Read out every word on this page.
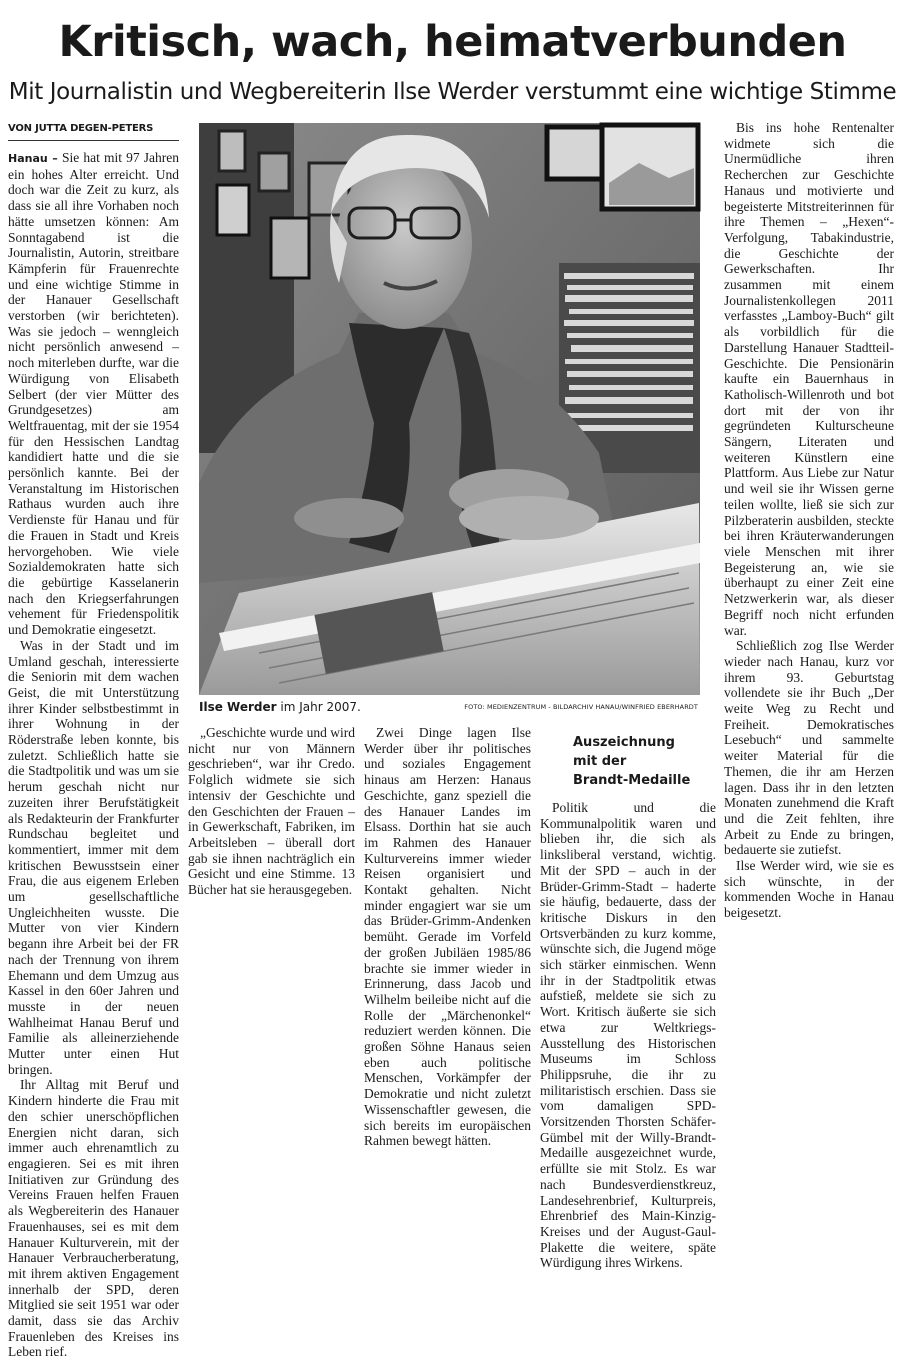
Kritisch, wach, heimatverbunden
Mit Journalistin und Wegbereiterin Ilse Werder verstummt eine wichtige Stimme
VON JUTTA DEGEN-PETERS
Ilse Werder im Jahr 2007.	FOTO: MEDIENZENTRUM - BILDARCHIV HANAU/WINFRIED EBERHARDT

Hanau – Sie hat mit 97 Jahren ein hohes Alter erreicht. Und doch war die Zeit zu kurz, als dass sie all ihre Vorhaben noch hätte umsetzen können: Am Sonntagabend ist die Journalistin, Autorin, streitbare Kämpferin für Frauenrechte und eine wichtige Stimme in der Hanauer Gesellschaft verstorben (wir berichteten). Was sie jedoch – wenngleich nicht persönlich anwesend – noch miterleben durfte, war die Würdigung von Elisabeth Selbert (der vier Mütter des Grundgesetzes) am Weltfrauentag, mit der sie 1954 für den Hessischen Landtag kandidiert hatte und die sie persönlich kannte. Bei der Veranstaltung im Historischen Rathaus wurden auch ihre Verdienste für Hanau und für die Frauen in Stadt und Kreis hervorgehoben. Wie viele Sozialdemokraten hatte sich die gebürtige Kasselanerin nach den Kriegserfahrungen vehement für Friedenspolitik und Demokratie eingesetzt.

Was in der Stadt und im Umland geschah, interessierte die Seniorin mit dem wachen Geist, die mit Unterstützung ihrer Kinder selbstbestimmt in ihrer Wohnung in der Röderstraße leben konnte, bis zuletzt. Schließlich hatte sie die Stadtpolitik und was um sie herum geschah nicht nur zuzeiten ihrer Berufstätigkeit als Redakteurin der Frankfurter Rundschau begleitet und kommentiert, immer mit dem kritischen Bewusstsein einer Frau, die aus eigenem Erleben um gesellschaftliche Ungleichheiten wusste. Die Mutter von vier Kindern begann ihre Arbeit bei der FR nach der Trennung von ihrem Ehemann und dem Umzug aus Kassel in den 60er Jahren und musste in der neuen Wahlheimat Hanau Beruf und Familie als alleinerziehende Mutter unter einen Hut bringen.

Ihr Alltag mit Beruf und Kindern hinderte die Frau mit den schier unerschöpflichen Energien nicht daran, sich immer auch ehrenamtlich zu engagieren. Sei es mit ihren Initiativen zur Gründung des Vereins Frauen helfen Frauen als Wegbereiterin des Hanauer Frauenhauses, sei es mit dem Hanauer Kulturverein, mit der Hanauer Verbraucherberatung, mit ihrem aktiven Engagement innerhalb der SPD, deren Mitglied sie seit 1951 war oder damit, dass sie das Archiv Frauenleben des Kreises ins Leben rief.

„Geschichte wurde und wird nicht nur von Männern geschrieben“, war ihr Credo. Folglich widmete sie sich intensiv der Geschichte und den Geschichten der Frauen – in Gewerkschaft, Fabriken, im Arbeitsleben – überall dort gab sie ihnen nachträglich ein Gesicht und eine Stimme. 13 Bücher hat sie herausgegeben.

Zwei Dinge lagen Ilse Werder über ihr politisches und soziales Engagement hinaus am Herzen: Hanaus Geschichte, ganz speziell die des Hanauer Landes im Elsass. Dorthin hat sie auch im Rahmen des Hanauer Kulturvereins immer wieder Reisen organisiert und Kontakt gehalten. Nicht minder engagiert war sie um das Brüder-Grimm-Andenken bemüht. Gerade im Vorfeld der großen Jubiläen 1985/86 brachte sie immer wieder in Erinnerung, dass Jacob und Wilhelm beileibe nicht auf die Rolle der „Märchenonkel“ reduziert werden können. Die großen Söhne Hanaus seien eben auch politische Menschen, Vorkämpfer der Demokratie und nicht zuletzt Wissenschaftler gewesen, die sich bereits im europäischen Rahmen bewegt hätten.

Auszeichnung
mit der
Brandt-Medaille

Politik und die Kommunalpolitik waren und blieben ihr, die sich als linksliberal verstand, wichtig. Mit der SPD – auch in der Brüder-Grimm-Stadt – haderte sie häufig, bedauerte, dass der kritische Diskurs in den Ortsverbänden zu kurz komme, wünschte sich, die Jugend möge sich stärker einmischen. Wenn ihr in der Stadtpolitik etwas aufstieß, meldete sie sich zu Wort. Kritisch äußerte sie sich etwa zur Weltkriegs-Ausstellung des Historischen Museums im Schloss Philippsruhe, die ihr zu militaristisch erschien. Dass sie vom damaligen SPD-Vorsitzenden Thorsten Schäfer-Gümbel mit der Willy-Brandt-Medaille ausgezeichnet wurde, erfüllte sie mit Stolz. Es war nach Bundesverdienstkreuz, Landesehrenbrief, Kulturpreis, Ehrenbrief des Main-Kinzig-Kreises und der August-Gaul-Plakette die weitere, späte Würdigung ihres Wirkens.

Bis ins hohe Rentenalter widmete sich die Unermüdliche ihren Recherchen zur Geschichte Hanaus und motivierte und begeisterte Mitstreiterinnen für ihre Themen – „Hexen“-Verfolgung, Tabakindustrie, die Geschichte der Gewerkschaften. Ihr zusammen mit einem Journalistenkollegen 2011 verfasstes „Lamboy-Buch“ gilt als vorbildlich für die Darstellung Hanauer Stadtteil-Geschichte. Die Pensionärin kaufte ein Bauernhaus in Katholisch-Willenroth und bot dort mit der von ihr gegründeten Kulturscheune Sängern, Literaten und weiteren Künstlern eine Plattform. Aus Liebe zur Natur und weil sie ihr Wissen gerne teilen wollte, ließ sie sich zur Pilzberaterin ausbilden, steckte bei ihren Kräuterwanderungen viele Menschen mit ihrer Begeisterung an, wie sie überhaupt zu einer Zeit eine Netzwerkerin war, als dieser Begriff noch nicht erfunden war.

Schließlich zog Ilse Werder wieder nach Hanau, kurz vor ihrem 93. Geburtstag vollendete sie ihr Buch „Der weite Weg zu Recht und Freiheit. Demokratisches Lesebuch“ und sammelte weiter Material für die Themen, die ihr am Herzen lagen. Dass ihr in den letzten Monaten zunehmend die Kraft und die Zeit fehlten, ihre Arbeit zu Ende zu bringen, bedauerte sie zutiefst.

Ilse Werder wird, wie sie es sich wünschte, in der kommenden Woche in Hanau beigesetzt.
